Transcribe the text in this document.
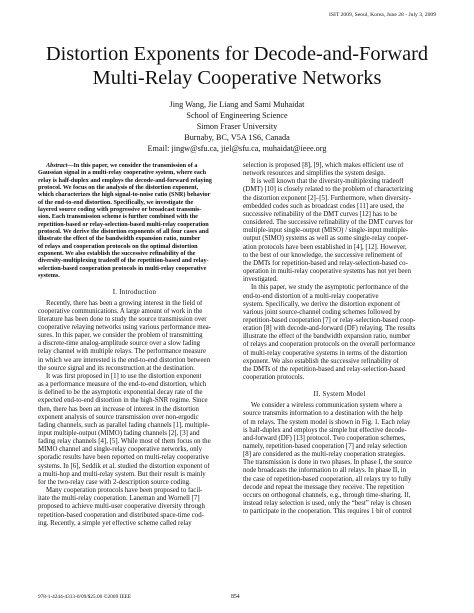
ISIT 2009, Seoul, Korea, June 28 - July 3, 2009
Distortion Exponents for Decode-and-Forward
Multi-Relay Cooperative Networks
Jing Wang, Jie Liang and Sami Muhaidat
School of Engineering Science
Simon Fraser University
Burnaby, BC, V5A 1S6, Canada
Email: jingw@sfu.ca, jiel@sfu.ca, muhaidat@ieee.org
Abstract—In this paper, we consider the transmission of a
Gaussian signal in a multi-relay cooperative system, where each
relay is half-duplex and employs the decode-and-forward relaying
protocol. We focus on the analysis of the distortion exponent,
which characterizes the high signal-to-noise ratio (SNR) behavior
of the end-to-end distortion. Specifically, we investigate the
layered source coding with progressive or broadcast transmis-
sion. Each transmission scheme is further combined with the
repetition-based or relay-selection-based multi-relay cooperation
protocol. We derive the distortion exponents of all four cases and
illustrate the effect of the bandwidth expansion ratio, number
of relays and cooperation protocols on the optimal distortion
exponent. We also establish the successive refinability of the
diversity-multiplexing tradeoff of the repetition-based and relay-
selection-based cooperation protocols in multi-relay cooperative
systems.
I. Introduction
Recently, there has been a growing interest in the field of
cooperative communications. A large amount of work in the
literature has been done to study the source transmission over
cooperative relaying networks using various performance mea-
sures. In this paper, we consider the problem of transmitting
a discrete-time analog-amplitude source over a slow fading
relay channel with multiple relays. The performance measure
in which we are interested is the end-to-end distortion between
the source signal and its reconstruction at the destination.
It was first proposed in [1] to use the distortion exponent
as a performance measure of the end-to-end distortion, which
is defined to be the asymptotic exponential decay rate of the
expected end-to-end distortion in the high-SNR regime. Since
then, there has been an increase of interest in the distortion
exponent analysis of source transmission over non-ergodic
fading channels, such as parallel fading channels [1], multiple-
input multiple-output (MIMO) fading channels [2], [3] and
fading relay channels [4], [5]. While most of them focus on the
MIMO channel and single-relay cooperative networks, only
sporadic results have been reported on multi-relay cooperative
systems. In [6], Seddik et al. studied the distortion exponent of
a multi-hop and multi-relay system. But their result is mainly
for the two-relay case with 2-description source coding.
Many cooperation protocols have been proposed to facil-
itate the multi-relay cooperation. Laneman and Wornell [7]
proposed to achieve multi-user cooperative diversity through
repetition-based cooperation and distributed space-time cod-
ing. Recently, a simple yet effective scheme called relay
selection is proposed [8], [9], which makes efficient use of
network resources and simplifies the system design.
It is well known that the diversity-multiplexing tradeoff
(DMT) [10] is closely related to the problem of characterizing
the distortion exponent [2]–[5]. Furthermore, when diversity-
embedded codes such as broadcast codes [11] are used, the
successive refinability of the DMT curves [12] has to be
considered. The successive refinability of the DMT curves for
multiple-input single-output (MISO) / single-input multiple-
output (SIMO) systems as well as some single-relay cooper-
ation protocols have been established in [4], [12]. However,
to the best of our knowledge, the successive refinement of
the DMTs for repetition-based and relay-selection-based co-
operation in multi-relay cooperative systems has not yet been
investigated.
In this paper, we study the asymptotic performance of the
end-to-end distortion of a multi-relay cooperative
system. Specifically, we derive the distortion exponent of
various joint source-channel coding schemes followed by
repetition-based cooperation [7] or relay-selection-based coop-
eration [8] with decode-and-forward (DF) relaying. The results
illustrate the effect of the bandwidth expansion ratio, number
of relays and cooperation protocols on the overall performance
of multi-relay cooperative systems in terms of the distortion
exponent. We also establish the successive refinability of
the DMTs of the repetition-based and relay-selection-based
cooperation protocols.
II. System Model
We consider a wireless communication system where a
source transmits information to a destination with the help
of m relays. The system model is shown in Fig. 1. Each relay
is half-duplex and employs the simple but effective decode-
and-forward (DF) [13] protocol. Two cooperation schemes,
namely, repetition-based cooperation [7] and relay selection
[8] are considered as the multi-relay cooperation strategies.
The transmission is done in two phases. In phase I, the source
node broadcasts the information to all relays. In phase II, in
the case of repetition-based cooperation, all relays try to fully
decode and repeat the message they receive. The repetition
occurs on orthogonal channels, e.g., through time-sharing. If,
instead relay selection is used, only the “best” relay is chosen
to participate in the cooperation. This requires 1 bit of control
978-1-4244-4313-0/09/$25.00 ©2009 IEEE	854
